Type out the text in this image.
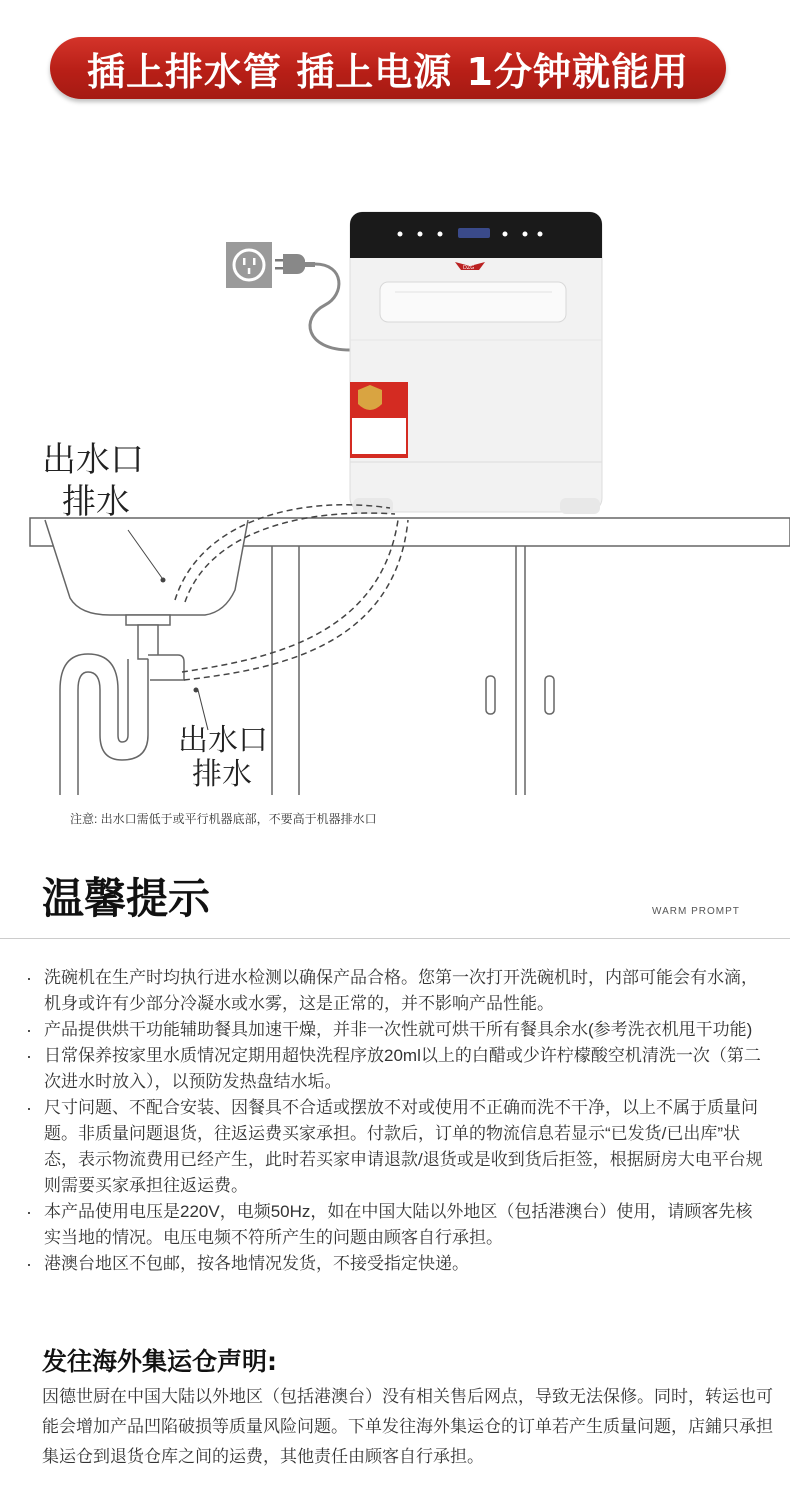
插上排水管 插上电源 1分钟就能用
DZG
出水口
排水
出水口
排水
注意: 出水口需低于或平行机器底部，不要高于机器排水口
温馨提示	WARM PROMPT
· 洗碗机在生产时均执行进水检测以确保产品合格。您第一次打开洗碗机时，内部可能会有水滴，机身或许有少部分冷凝水或水雾，这是正常的，并不影响产品性能。
· 产品提供烘干功能辅助餐具加速干燥，并非一次性就可烘干所有餐具余水(参考洗衣机甩干功能)
· 日常保养按家里水质情况定期用超快洗程序放20ml以上的白醋或少许柠檬酸空机清洗一次（第二次进水时放入），以预防发热盘结水垢。
· 尺寸问题、不配合安装、因餐具不合适或摆放不对或使用不正确而洗不干净，以上不属于质量问题。非质量问题退货，往返运费买家承担。付款后，订单的物流信息若显示“已发货/已出库”状态，表示物流费用已经产生，此时若买家申请退款/退货或是收到货后拒签，根据厨房大电平台规则需要买家承担往返运费。
· 本产品使用电压是220V，电频50Hz，如在中国大陆以外地区（包括港澳台）使用，请顾客先核实当地的情况。电压电频不符所产生的问题由顾客自行承担。
· 港澳台地区不包邮，按各地情况发货，不接受指定快递。
发往海外集运仓声明:
因德世厨在中国大陆以外地区（包括港澳台）没有相关售后网点，导致无法保修。同时，转运也可能会增加产品凹陷破损等质量风险问题。下单发往海外集运仓的订单若产生质量问题，店鋪只承担集运仓到退货仓库之间的运费，其他责任由顾客自行承担。
